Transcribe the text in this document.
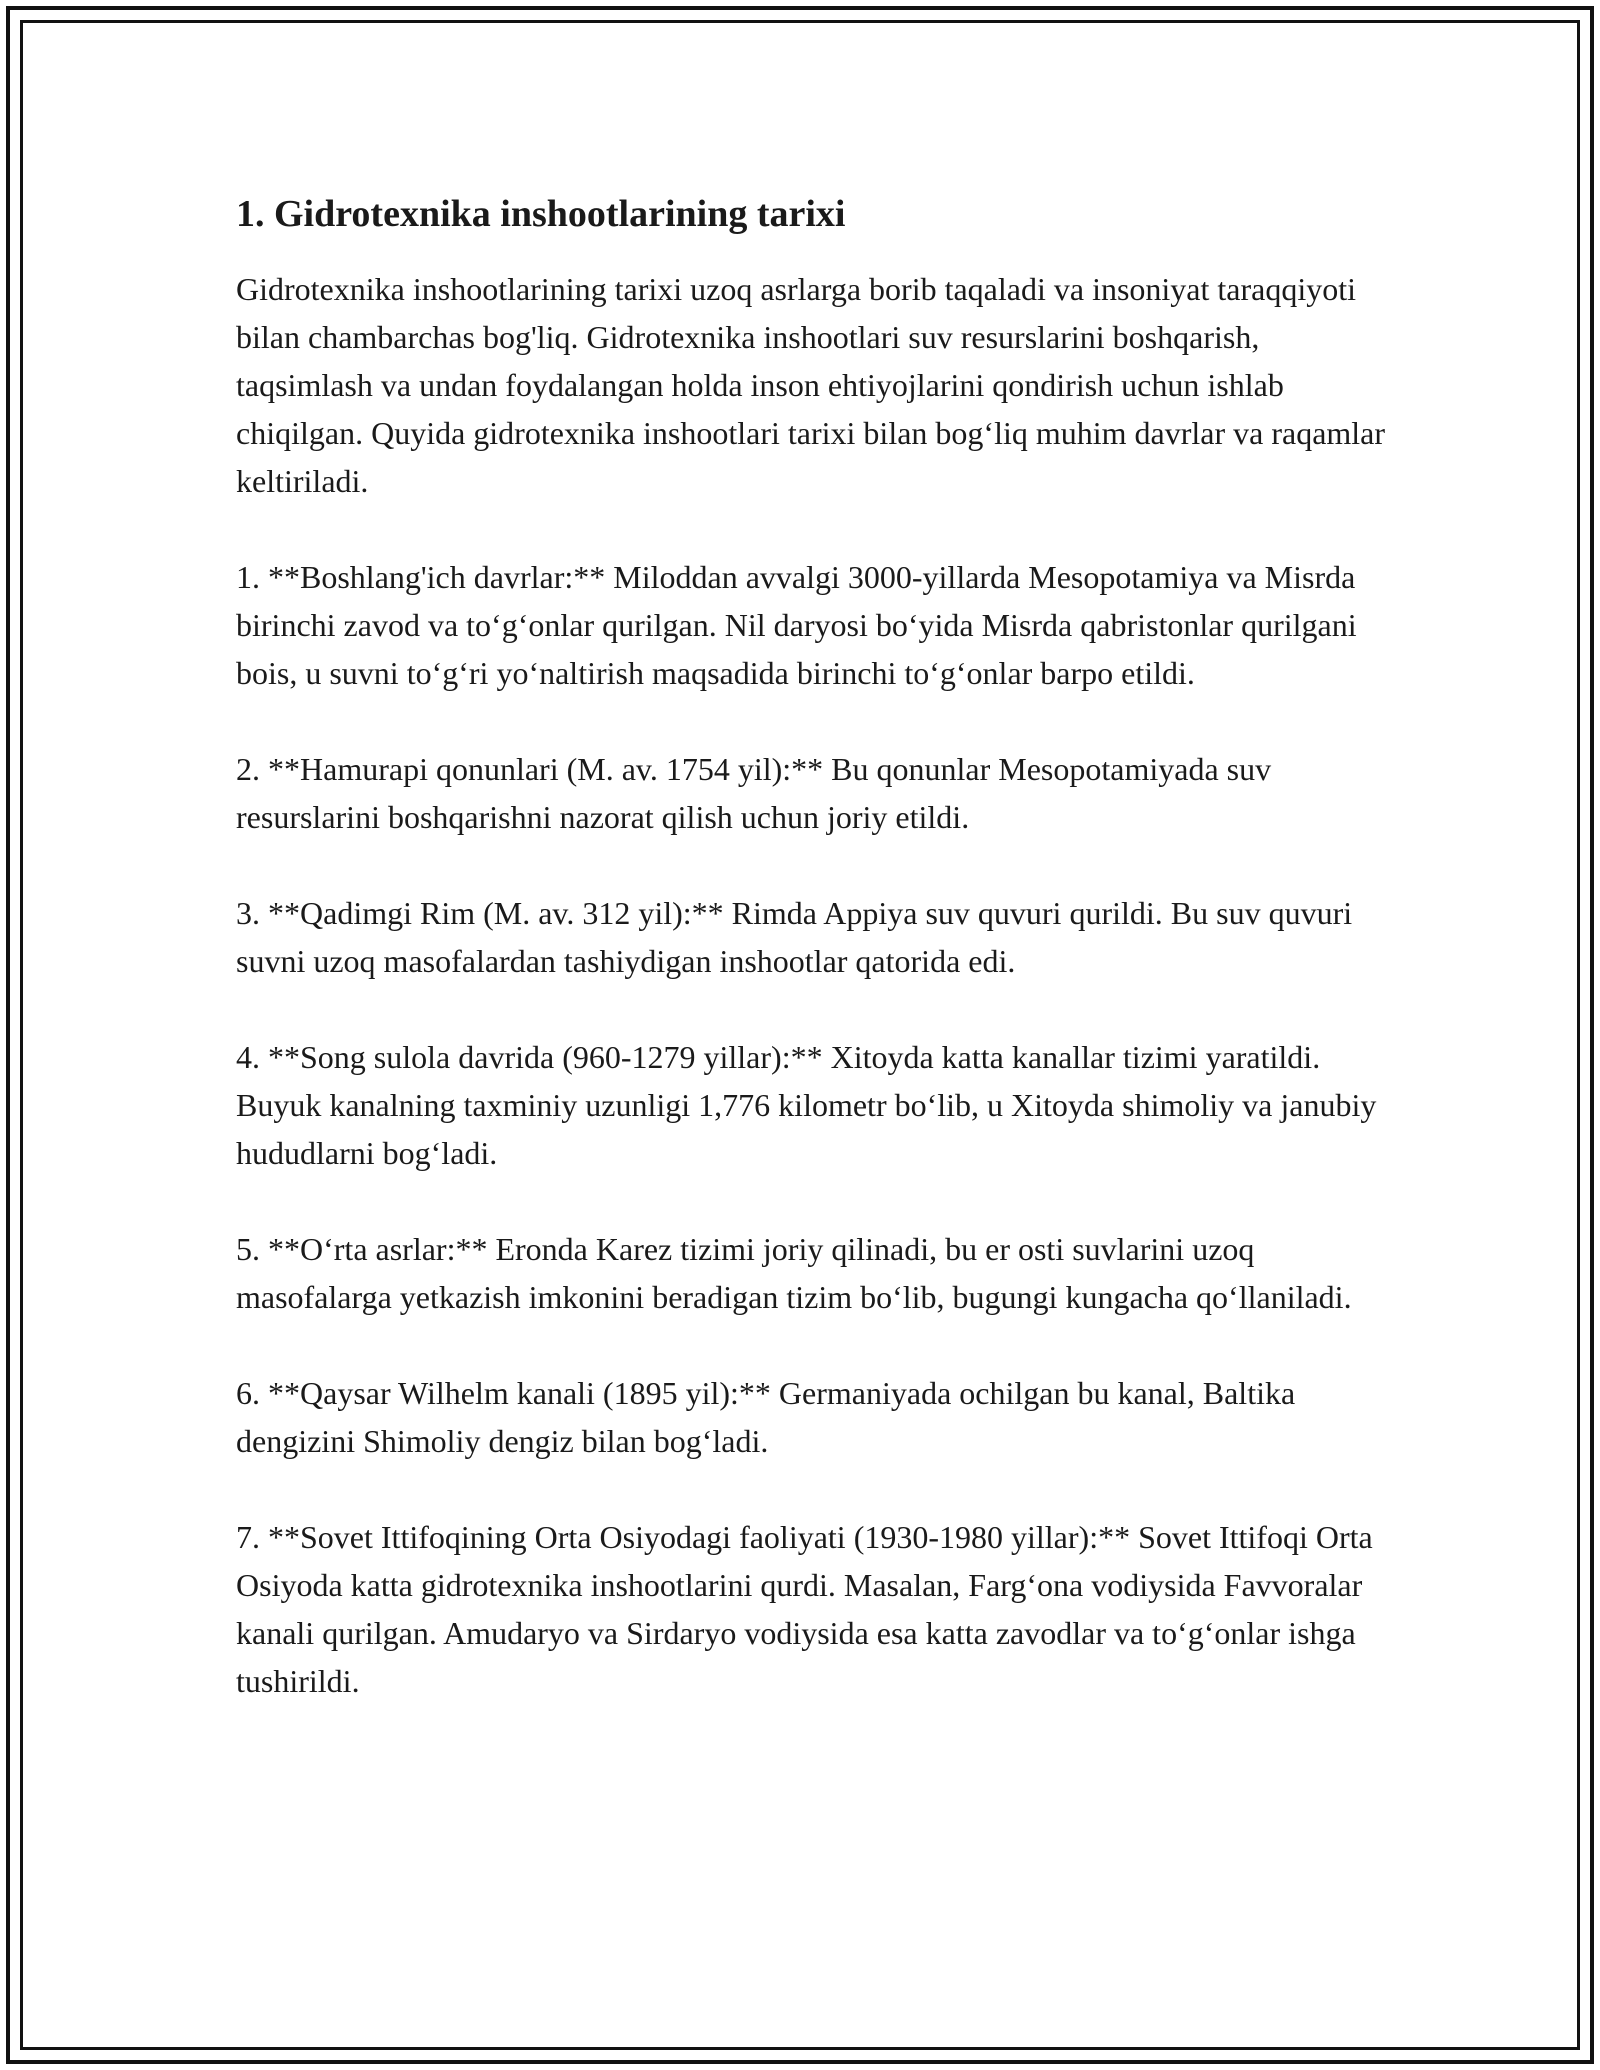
1. Gidrotexnika inshootlarining tarixi

Gidrotexnika inshootlarining tarixi uzoq asrlarga borib taqaladi va insoniyat taraqqiyoti bilan chambarchas bog'liq. Gidrotexnika inshootlari suv resurslarini boshqarish, taqsimlash va undan foydalangan holda inson ehtiyojlarini qondirish uchun ishlab chiqilgan. Quyida gidrotexnika inshootlari tarixi bilan bog‘liq muhim davrlar va raqamlar keltiriladi.

1. **Boshlang'ich davrlar:** Miloddan avvalgi 3000-yillarda Mesopotamiya va Misrda birinchi zavod va to‘g‘onlar qurilgan. Nil daryosi bo‘yida Misrda qabristonlar qurilgani bois, u suvni to‘g‘ri yo‘naltirish maqsadida birinchi to‘g‘onlar barpo etildi.

2. **Hamurapi qonunlari (M. av. 1754 yil):** Bu qonunlar Mesopotamiyada suv resurslarini boshqarishni nazorat qilish uchun joriy etildi.

3. **Qadimgi Rim (M. av. 312 yil):** Rimda Appiya suv quvuri qurildi. Bu suv quvuri suvni uzoq masofalardan tashiydigan inshootlar qatorida edi.

4. **Song sulola davrida (960-1279 yillar):** Xitoyda katta kanallar tizimi yaratildi. Buyuk kanalning taxminiy uzunligi 1,776 kilometr bo‘lib, u Xitoyda shimoliy va janubiy hududlarni bog‘ladi.

5. **O‘rta asrlar:** Eronda Karez tizimi joriy qilinadi, bu er osti suvlarini uzoq masofalarga yetkazish imkonini beradigan tizim bo‘lib, bugungi kungacha qo‘llaniladi.

6. **Qaysar Wilhelm kanali (1895 yil):** Germaniyada ochilgan bu kanal, Baltika dengizini Shimoliy dengiz bilan bog‘ladi.

7. **Sovet Ittifoqining Orta Osiyodagi faoliyati (1930-1980 yillar):** Sovet Ittifoqi Orta Osiyoda katta gidrotexnika inshootlarini qurdi. Masalan, Farg‘ona vodiysida Favvoralar kanali qurilgan. Amudaryo va Sirdaryo vodiysida esa katta zavodlar va to‘g‘onlar ishga tushirildi.
